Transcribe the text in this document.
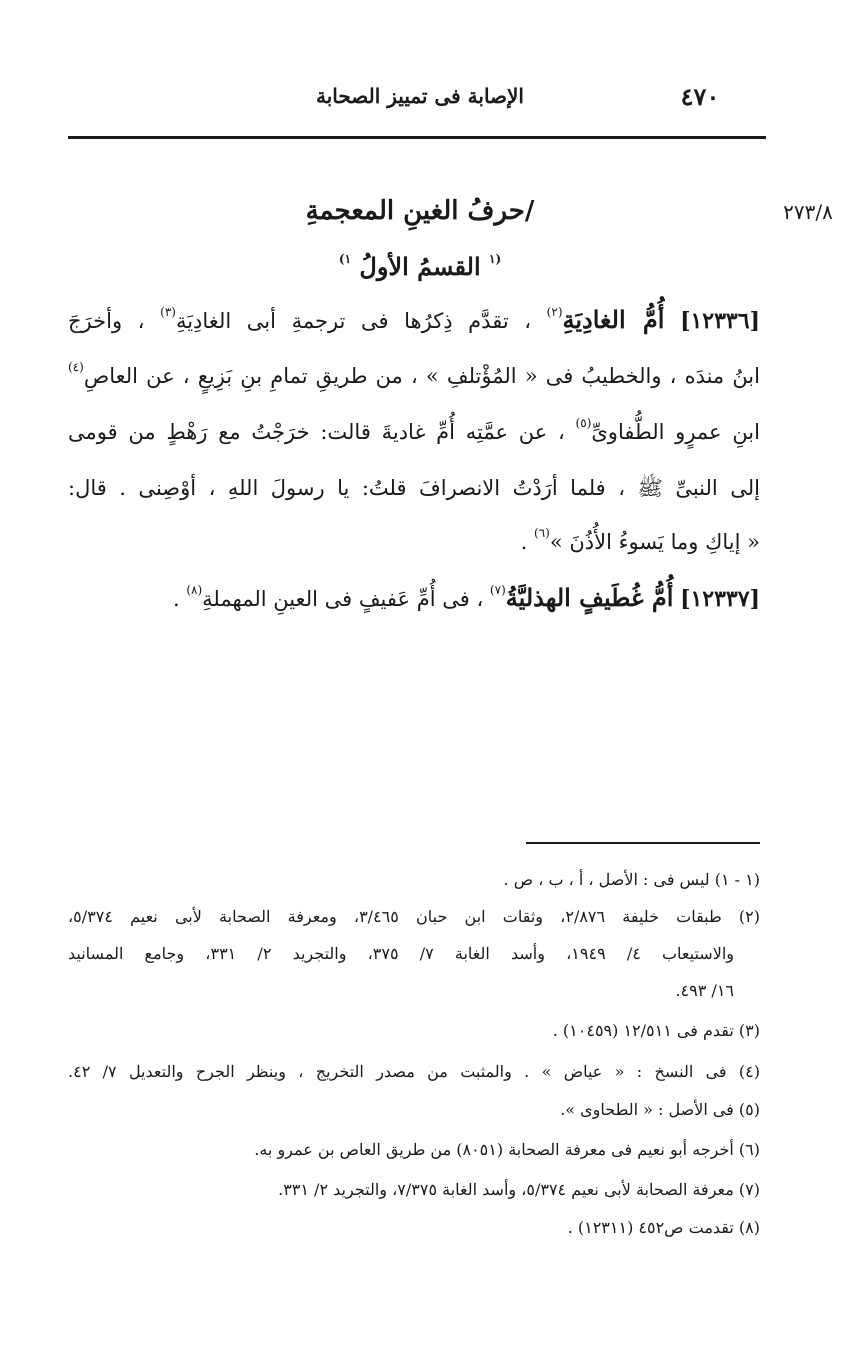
الإصابة فى تمييز الصحابة	٤٧٠
٢٧٣/٨
/حرفُ الغينِ المعجمةِ
$^{(١}$ القسمُ الأولُ $^{١)}$
[١٢٣٣٦] أُمُّ الغادِيَةِ$^{(٢)}$ ، تقدَّم ذِكرُها فى ترجمةِ أبى الغادِيَةِ$^{(٣)}$ ، وأخرَجَ
ابنُ مندَه ، والخطيبُ فى « المُؤْتلفِ » ، من طريقِ تمامِ بنِ بَزِيعٍ ، عن العاصِ$^{(٤)}$
ابنِ عمرٍو الطُّفاوىِّ$^{(٥)}$ ، عن عمَّتِه أُمِّ غاديةَ قالت: خرَجْتُ مع رَهْطٍ من قومى
إلى النبىِّ ﷺ ، فلما أرَدْتُ الانصرافَ قلتُ: يا رسولَ اللهِ ، أوْصِنى . قال:
« إياكِ وما يَسوءُ الأُذُنَ »$^{(٦)}$ .
[١٢٣٣٧] أُمُّ غُطَيفٍ الهذليَّةُ$^{(٧)}$ ، فى أُمِّ عَفيفٍ فى العينِ المهملةِ$^{(٨)}$ .
(١ - ١) ليس فى : الأصل ، أ ، ب ، ص .
(٢) طبقات خليفة ٢/٨٧٦، وثقات ابن حبان ٣/٤٦٥، ومعرفة الصحابة لأبى نعيم ٥/٣٧٤،
والاستيعاب ٤/ ١٩٤٩، وأسد الغابة ٧/ ٣٧٥، والتجريد ٢/ ٣٣١، وجامع المسانيد
١٦/ ٤٩٣.
(٣) تقدم فى ١٢/٥١١ (١٠٤٥٩) .
(٤) فى النسخ : « عياض » . والمثبت من مصدر التخريج ، وينظر الجرح والتعديل ٧/ ٤٢.
(٥) فى الأصل : « الطحاوى ».
(٦) أخرجه أبو نعيم فى معرفة الصحابة (٨٠٥١) من طريق العاص بن عمرو به.
(٧) معرفة الصحابة لأبى نعيم ٥/٣٧٤، وأسد الغابة ٧/٣٧٥، والتجريد ٢/ ٣٣١.
(٨) تقدمت ص٤٥٢ (١٢٣١١) .
